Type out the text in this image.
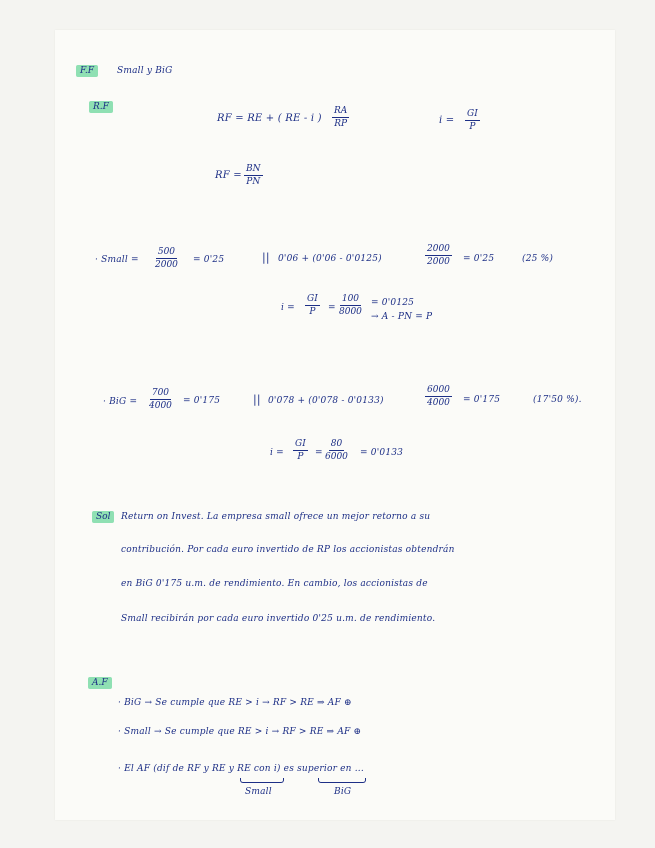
F.F	Small y BiG
R.F
RF = RE + ( RE - i ) $\frac{RA}{RP}$	$i = \frac{GI}{P}$
RF = $\frac{BN}{PN}$
· Small = $\frac{500}{2000} = 0'25$	|| 0'06 + (0'06 - 0'0125)	$\frac{2000}{2000} = 0'25$	(25 %)
$i = \frac{GI}{P} = \frac{100}{8000} = 0'0125$
→ A - PN = P
· BiG = $\frac{700}{4000} = 0'175$	|| 0'078 + (0'078 - 0'0133)	$\frac{6000}{4000} = 0'175$	(17'50 %).
$i = \frac{GI}{P} = \frac{80}{6000} = 0'0133$
Sol	Return on Invest. La empresa small ofrece un mejor retorno a su
contribución. Por cada euro invertido de RP los accionistas obtendrán
en BiG 0'175 u.m. de rendimiento. En cambio, los accionistas de
Small recibirán por cada euro invertido 0'25 u.m. de rendimiento.
A.F
· BiG → Se cumple que RE > i → RF > RE ⇒ AF ⊕
· Small → Se cumple que RE > i → RF > RE ⇒ AF ⊕
· El AF (dif de RF y RE y RE con i) es superior en ...
Small	BiG
